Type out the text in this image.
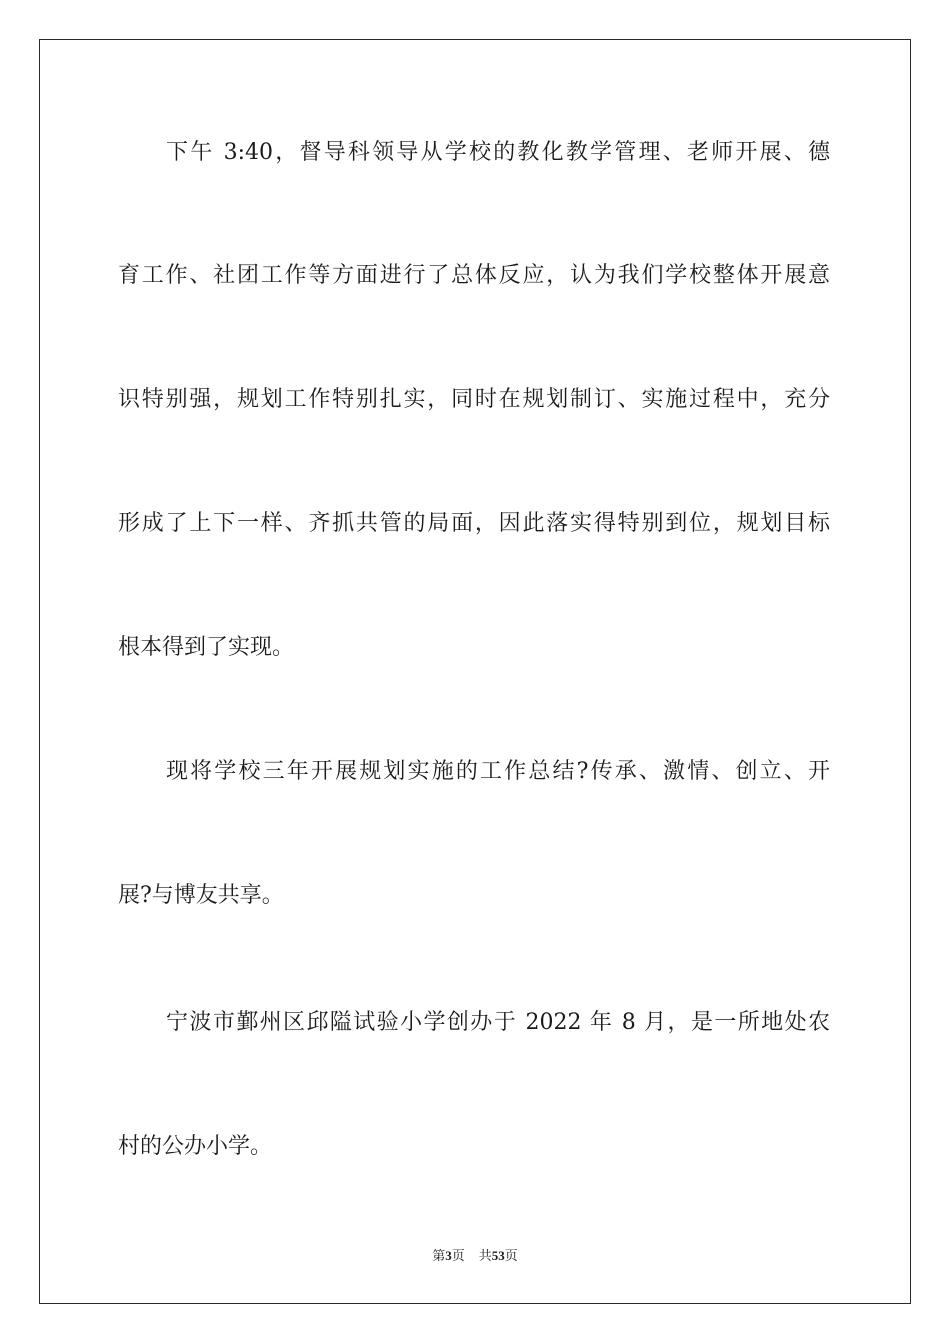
下午 3:40，督导科领导从学校的教化教学管理、老师开展、德
育工作、社团工作等方面进行了总体反应，认为我们学校整体开展意
识特别强，规划工作特别扎实，同时在规划制订、实施过程中，充分
形成了上下一样、齐抓共管的局面，因此落实得特别到位，规划目标
根本得到了实现。
现将学校三年开展规划实施的工作总结?传承、激情、创立、开
展?与博友共享。
宁波市鄞州区邱隘试验小学创办于 2022 年 8 月，是一所地处农
村的公办小学。
第3页 共53页
